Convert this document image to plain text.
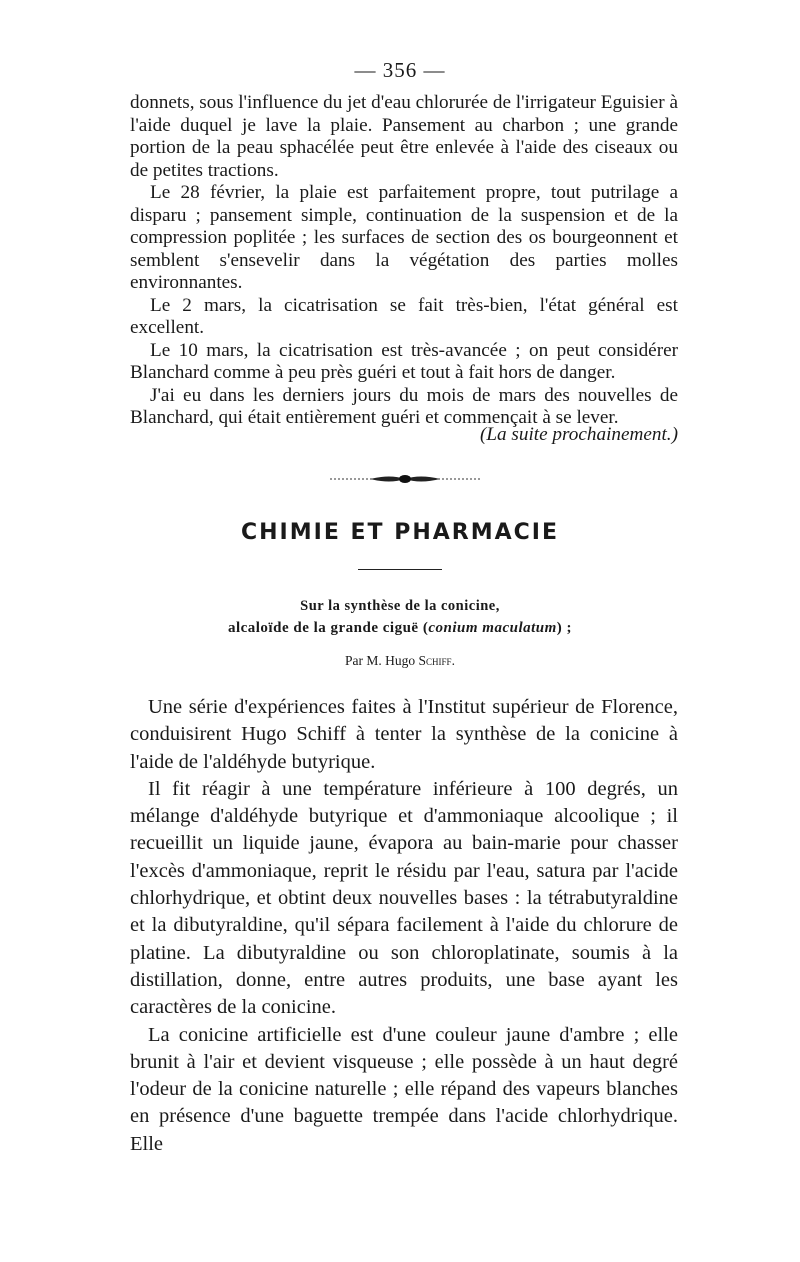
— 356 —

donnets, sous l'influence du jet d'eau chlorurée de l'irrigateur Eguisier à l'aide duquel je lave la plaie. Pansement au charbon ; une grande portion de la peau sphacélée peut être enlevée à l'aide des ciseaux ou de petites tractions.

Le 28 février, la plaie est parfaitement propre, tout putrilage a disparu ; pansement simple, continuation de la suspension et de la compression poplitée ; les surfaces de section des os bourgeonnent et semblent s'ensevelir dans la végétation des parties molles environnantes.

Le 2 mars, la cicatrisation se fait très-bien, l'état général est excellent.

Le 10 mars, la cicatrisation est très-avancée ; on peut considérer Blanchard comme à peu près guéri et tout à fait hors de danger.

J'ai eu dans les derniers jours du mois de mars des nouvelles de Blanchard, qui était entièrement guéri et commençait à se lever.

(La suite prochainement.)
CHIMIE ET PHARMACIE
Sur la synthèse de la conicine,
alcaloïde de la grande ciguë (conium maculatum) ;
Par M. Hugo Schiff.

Une série d'expériences faites à l'Institut supérieur de Florence, conduisirent Hugo Schiff à tenter la synthèse de la conicine à l'aide de l'aldéhyde butyrique.

Il fit réagir à une température inférieure à 100 degrés, un mélange d'aldéhyde butyrique et d'ammoniaque alcoolique ; il recueillit un liquide jaune, évapora au bain-marie pour chasser l'excès d'ammoniaque, reprit le résidu par l'eau, satura par l'acide chlorhydrique, et obtint deux nouvelles bases : la tétrabutyraldine et la dibutyraldine, qu'il sépara facilement à l'aide du chlorure de platine. La dibutyraldine ou son chloroplatinate, soumis à la distillation, donne, entre autres produits, une base ayant les caractères de la conicine.

La conicine artificielle est d'une couleur jaune d'ambre ; elle brunit à l'air et devient visqueuse ; elle possède à un haut degré l'odeur de la conicine naturelle ; elle répand des vapeurs blanches en présence d'une baguette trempée dans l'acide chlorhydrique. Elle
